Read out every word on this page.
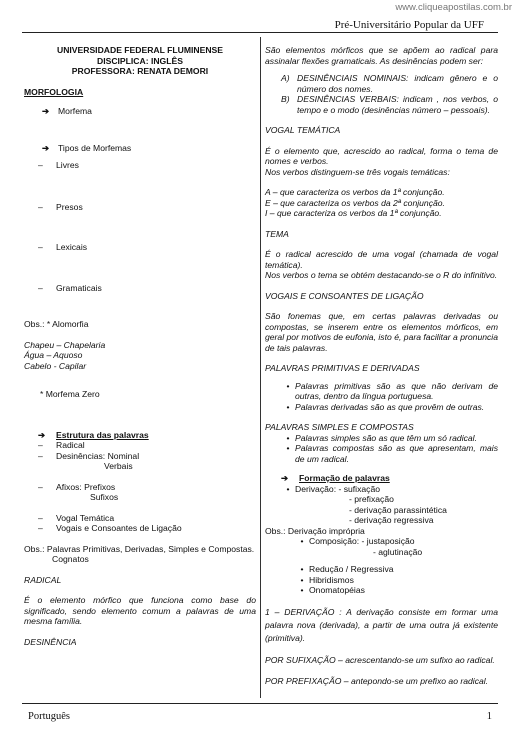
www.cliqueapostilas.com.br
Pré-Universitário Popular da UFF

UNIVERSIDADE FEDERAL FLUMINENSE

DISCIPLICA: INGLÊS

PROFESSORA: RENATA DEMORI

MORFOLOGIA

➔ Morfema

➔ Tipos de Morfemas

– Livres

– Presos

– Lexicais

– Gramaticais

Obs.: * Alomorfia

Chapeu – Chapelaria

Água – Aquoso

Cabelo - Capilar

* Morfema Zero

➔ Estrutura das palavras

– Radical

– Desinências: Nominal

Verbais

– Afixos: Prefixos

Sufixos

– Vogal Temática

– Vogais e Consoantes de Ligação

Obs.: Palavras Primitivas, Derivadas, Simples e Compostas.

Cognatos

RADICAL

É o elemento mórfico que funciona como base do significado, sendo elemento comum a palavras de uma mesma família.

DESINÊNCIA

São elementos mórficos que se apõem ao radical para assinalar flexões gramaticais. As desinências podem ser:

A) DESINÊNCIAIS NOMINAIS: indicam gênero e o número dos nomes.
B) DESINÊNCIAS VERBAIS: indicam , nos verbos, o tempo e o modo (desinências número – pessoais).

VOGAL TEMÁTICA

É o elemento que, acrescido ao radical, forma o tema de nomes e verbos.

Nos verbos distinguem-se três vogais temáticas:

A – que caracteriza os verbos da 1ª conjunção.

E – que caracteriza os verbos da 2ª conjunção.

I – que caracteriza os verbos da 1ª conjunção.

TEMA

É o radical acrescido de uma vogal (chamada de vogal temática).

Nos verbos o tema se obtém destacando-se o R do infinitivo.

VOGAIS E CONSOANTES DE LIGAÇÃO

São fonemas que, em certas palavras derivadas ou compostas, se inserem entre os elementos mórficos, em geral por motivos de eufonia, isto é, para facilitar a pronuncia de tais palavras.

PALAVRAS PRIMITIVAS E DERIVADAS

• Palavras primitivas são as que não derivam de outras, dentro da língua portuguesa.
• Palavras derivadas são as que provêm de outras.

PALAVRAS SIMPLES E COMPOSTAS

• Palavras simples são as que têm um só radical.
• Palavras compostas são as que apresentam, mais de um radical.

➔ Formação de palavras

• Derivação: - sufixação

- prefixação

- derivação parassintética

- derivação regressiva

Obs.: Derivação imprópria

• Composição: - justaposição

- aglutinação

• Redução / Regressiva

• Hibridismos

• Onomatopéias

1 – DERIVAÇÃO : A derivação consiste em formar uma palavra nova (derivada), a partir de uma outra já existente (primitiva).

POR SUFIXAÇÃO – acrescentando-se um sufixo ao radical.

POR PREFIXAÇÃO – antepondo-se um prefixo ao radical.

Português	1
